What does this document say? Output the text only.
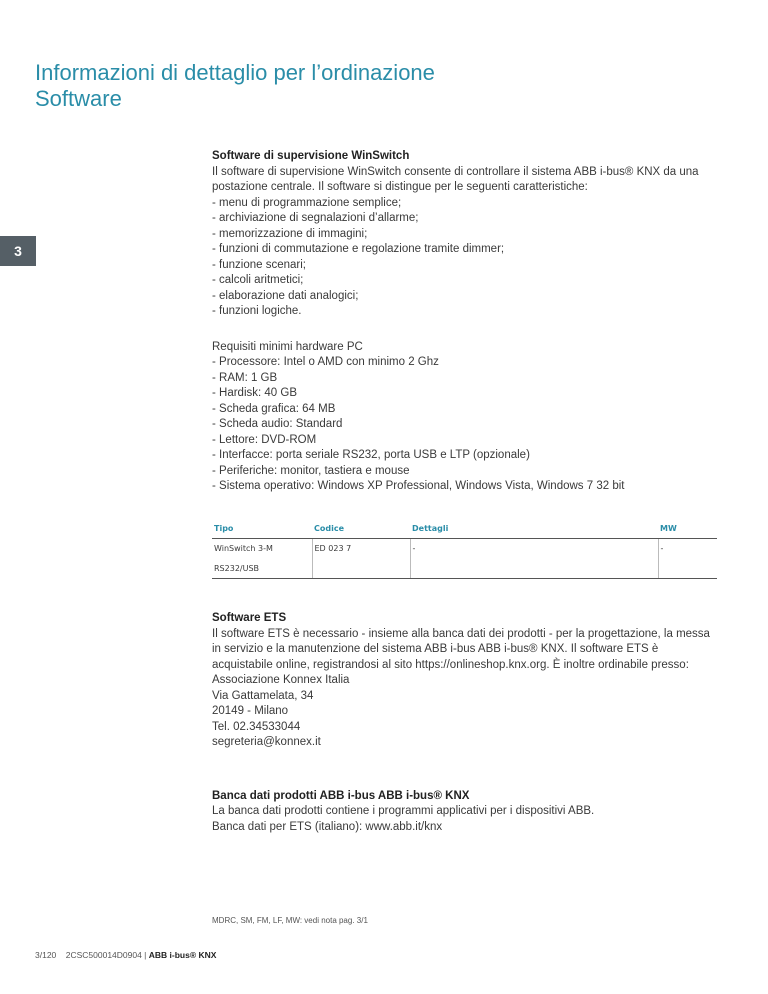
Informazioni di dettaglio per l’ordinazione
Software
3

Software di supervisione WinSwitch

Il software di supervisione WinSwitch consente di controllare il sistema ABB i-bus® KNX da una postazione centrale. Il software si distingue per le seguenti caratteristiche:

- menu di programmazione semplice;
- archiviazione di segnalazioni d’allarme;
- memorizzazione di immagini;
- funzioni di commutazione e regolazione tramite dimmer;
- funzione scenari;
- calcoli aritmetici;
- elaborazione dati analogici;
- funzioni logiche.

Requisiti minimi hardware PC

- Processore: Intel o AMD con minimo 2 Ghz
- RAM: 1 GB
- Hardisk: 40 GB
- Scheda grafica: 64 MB
- Scheda audio: Standard
- Lettore: DVD-ROM
- Interfacce: porta seriale RS232, porta USB e LTP (opzionale)
- Periferiche: monitor, tastiera e mouse
- Sistema operativo: Windows XP Professional, Windows Vista, Windows 7 32 bit
Tipo	Codice	Dettagli	MW
WinSwitch 3-M	ED 023 7	-	-
RS232/USB			

Software ETS

Il software ETS è necessario - insieme alla banca dati dei prodotti - per la progettazione, la messa in servizio e la manutenzione del sistema ABB i-bus ABB i-bus® KNX. Il software ETS è acquistabile online, registrandosi al sito https://onlineshop.knx.org. È inoltre ordinabile presso:

Associazione Konnex Italia

Via Gattamelata, 34

20149 - Milano

Tel. 02.34533044

segreteria@konnex.it

Banca dati prodotti ABB i-bus ABB i-bus® KNX

La banca dati prodotti contiene i programmi applicativi per i dispositivi ABB.

Banca dati per ETS (italiano): www.abb.it/knx

MDRC, SM, FM, LF, MW: vedi nota pag. 3/1
3/120 2CSC500014D0904 | ABB i-bus® KNX
